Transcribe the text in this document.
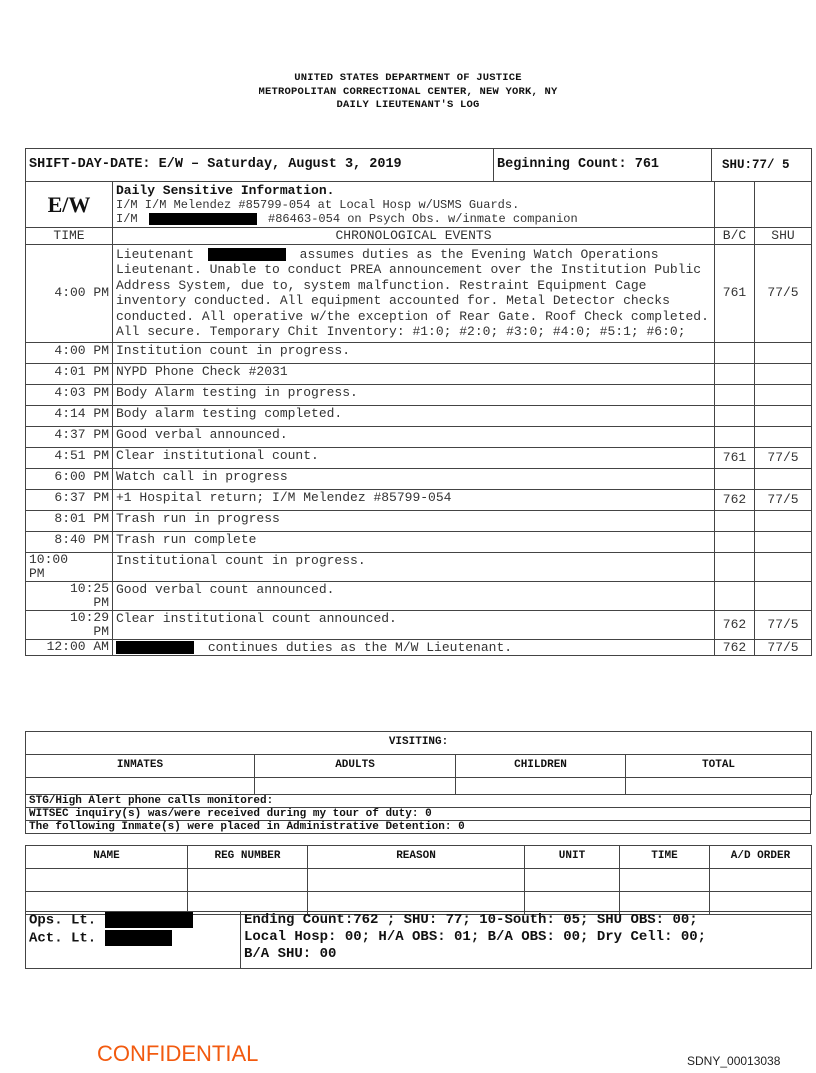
UNITED STATES DEPARTMENT OF JUSTICE
METROPOLITAN CORRECTIONAL CENTER, NEW YORK, NY
DAILY LIEUTENANT'S LOG
SHIFT-DAY-DATE: E/W – Saturday, August 3, 2019	Beginning Count: 761	SHU:77/ 5
E/W	Daily Sensitive Information.
I/M I/M Melendez #85799-054 at Local Hosp w/USMS Guards.
I/M #86463-054 on Psych Obs. w/inmate companion		

TIME	CHRONOLOGICAL EVENTS	B/C	SHU
4:00 PM	Lieutenant assumes duties as the Evening Watch Operations Lieutenant. Unable to conduct PREA announcement over the Institution Public Address System, due to, system malfunction. Restraint Equipment Cage inventory conducted. All equipment accounted for. Metal Detector checks conducted. All operative w/the exception of Rear Gate. Roof Check completed. All secure. Temporary Chit Inventory: #1:0; #2:0; #3:0; #4:0; #5:1; #6:0;	761	77/5
4:00 PM	Institution count in progress.		
4:01 PM	NYPD Phone Check #2031		
4:03 PM	Body Alarm testing in progress.		
4:14 PM	Body alarm testing completed.		
4:37 PM	Good verbal announced.		
4:51 PM	Clear institutional count.	761	77/5
6:00 PM	Watch call in progress		
6:37 PM	+1 Hospital return; I/M Melendez #85799-054	762	77/5
8:01 PM	Trash run in progress		
8:40 PM	Trash run complete		
10:00 PM	Institutional count in progress.		
10:25 PM	Good verbal count announced.		
10:29 PM	Clear institutional count announced.	762	77/5
12:00 AM	continues duties as the M/W Lieutenant.	762	77/5
VISITING:			
INMATES	ADULTS	CHILDREN	TOTAL

STG/High Alert phone calls monitored:
WITSEC inquiry(s) was/were received during my tour of duty: 0
The following Inmate(s) were placed in Administrative Detention: 0
NAME	REG NUMBER	REASON	UNIT	TIME	A/D ORDER

Ops. Lt.
Act. Lt.

Ending Count:762 ; SHU: 77; 10-South: 05; SHU OBS: 00;
Local Hosp: 00; H/A OBS: 01; B/A OBS: 00; Dry Cell: 00;
B/A SHU: 00
CONFIDENTIAL	SDNY_00013038
